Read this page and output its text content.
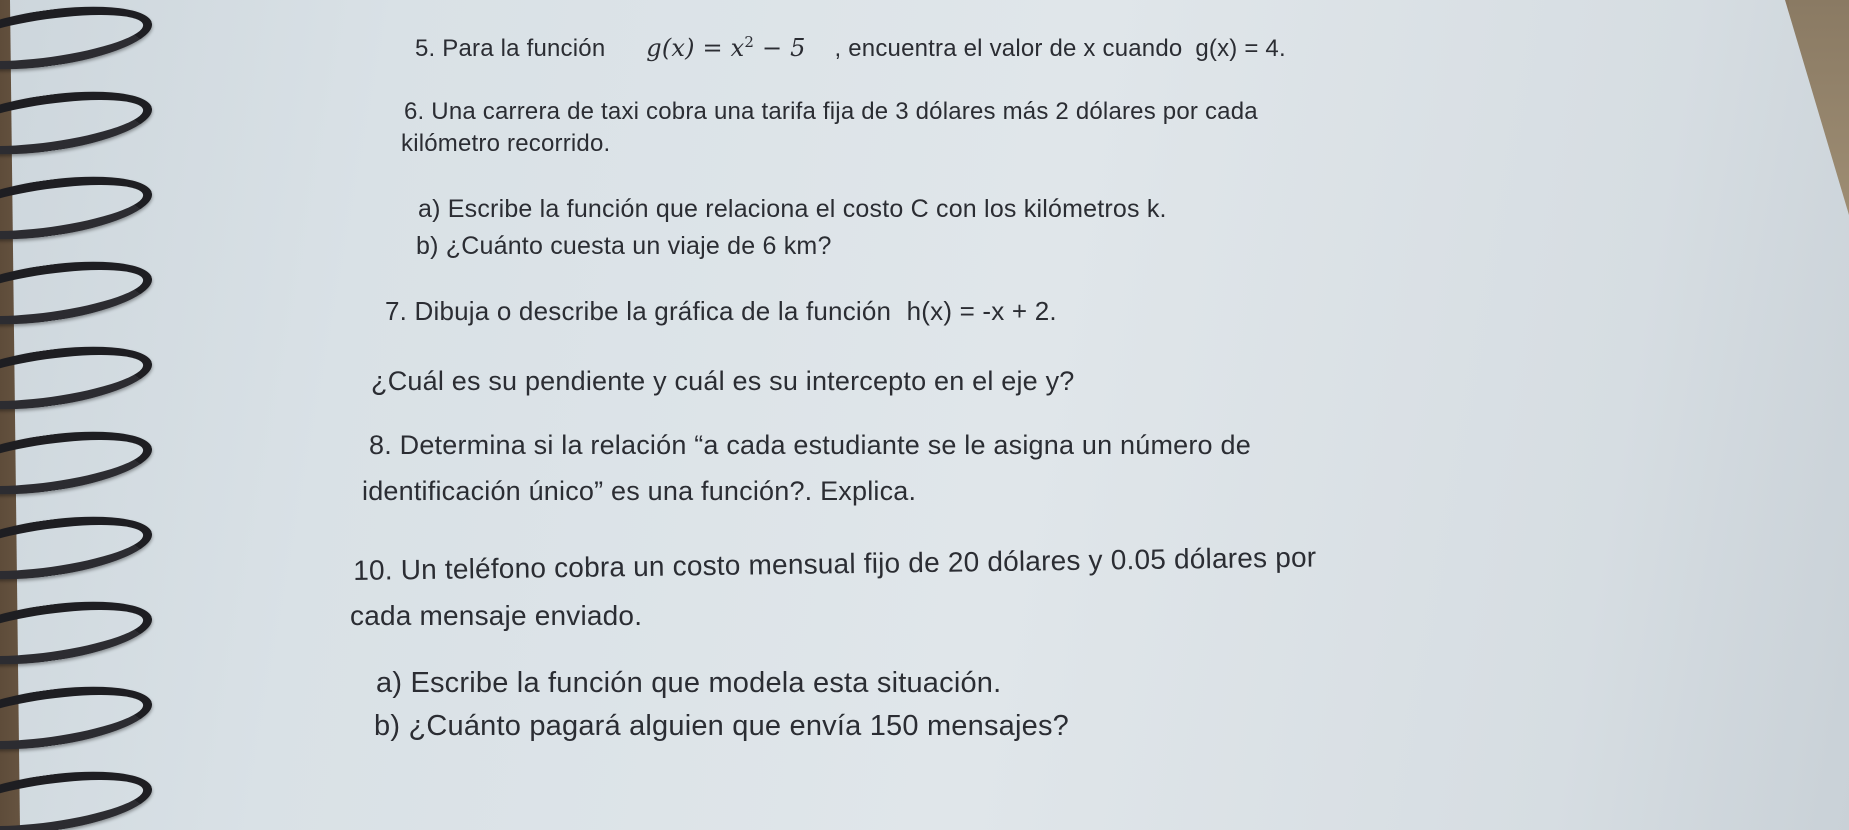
5. Para la función $g(x) = x^2 - 5$ , encuentra el valor de x cuando g(x) = 4.
6. Una carrera de taxi cobra una tarifa fija de 3 dólares más 2 dólares por cada
kilómetro recorrido.
a) Escribe la función que relaciona el costo C con los kilómetros k.
b) ¿Cuánto cuesta un viaje de 6 km?
7. Dibuja o describe la gráfica de la función h(x) = -x + 2.
¿Cuál es su pendiente y cuál es su intercepto en el eje y?
8. Determina si la relación “a cada estudiante se le asigna un número de
identificación único” es una función?. Explica.
10. Un teléfono cobra un costo mensual fijo de 20 dólares y 0.05 dólares por
cada mensaje enviado.
a) Escribe la función que modela esta situación.
b) ¿Cuánto pagará alguien que envía 150 mensajes?
